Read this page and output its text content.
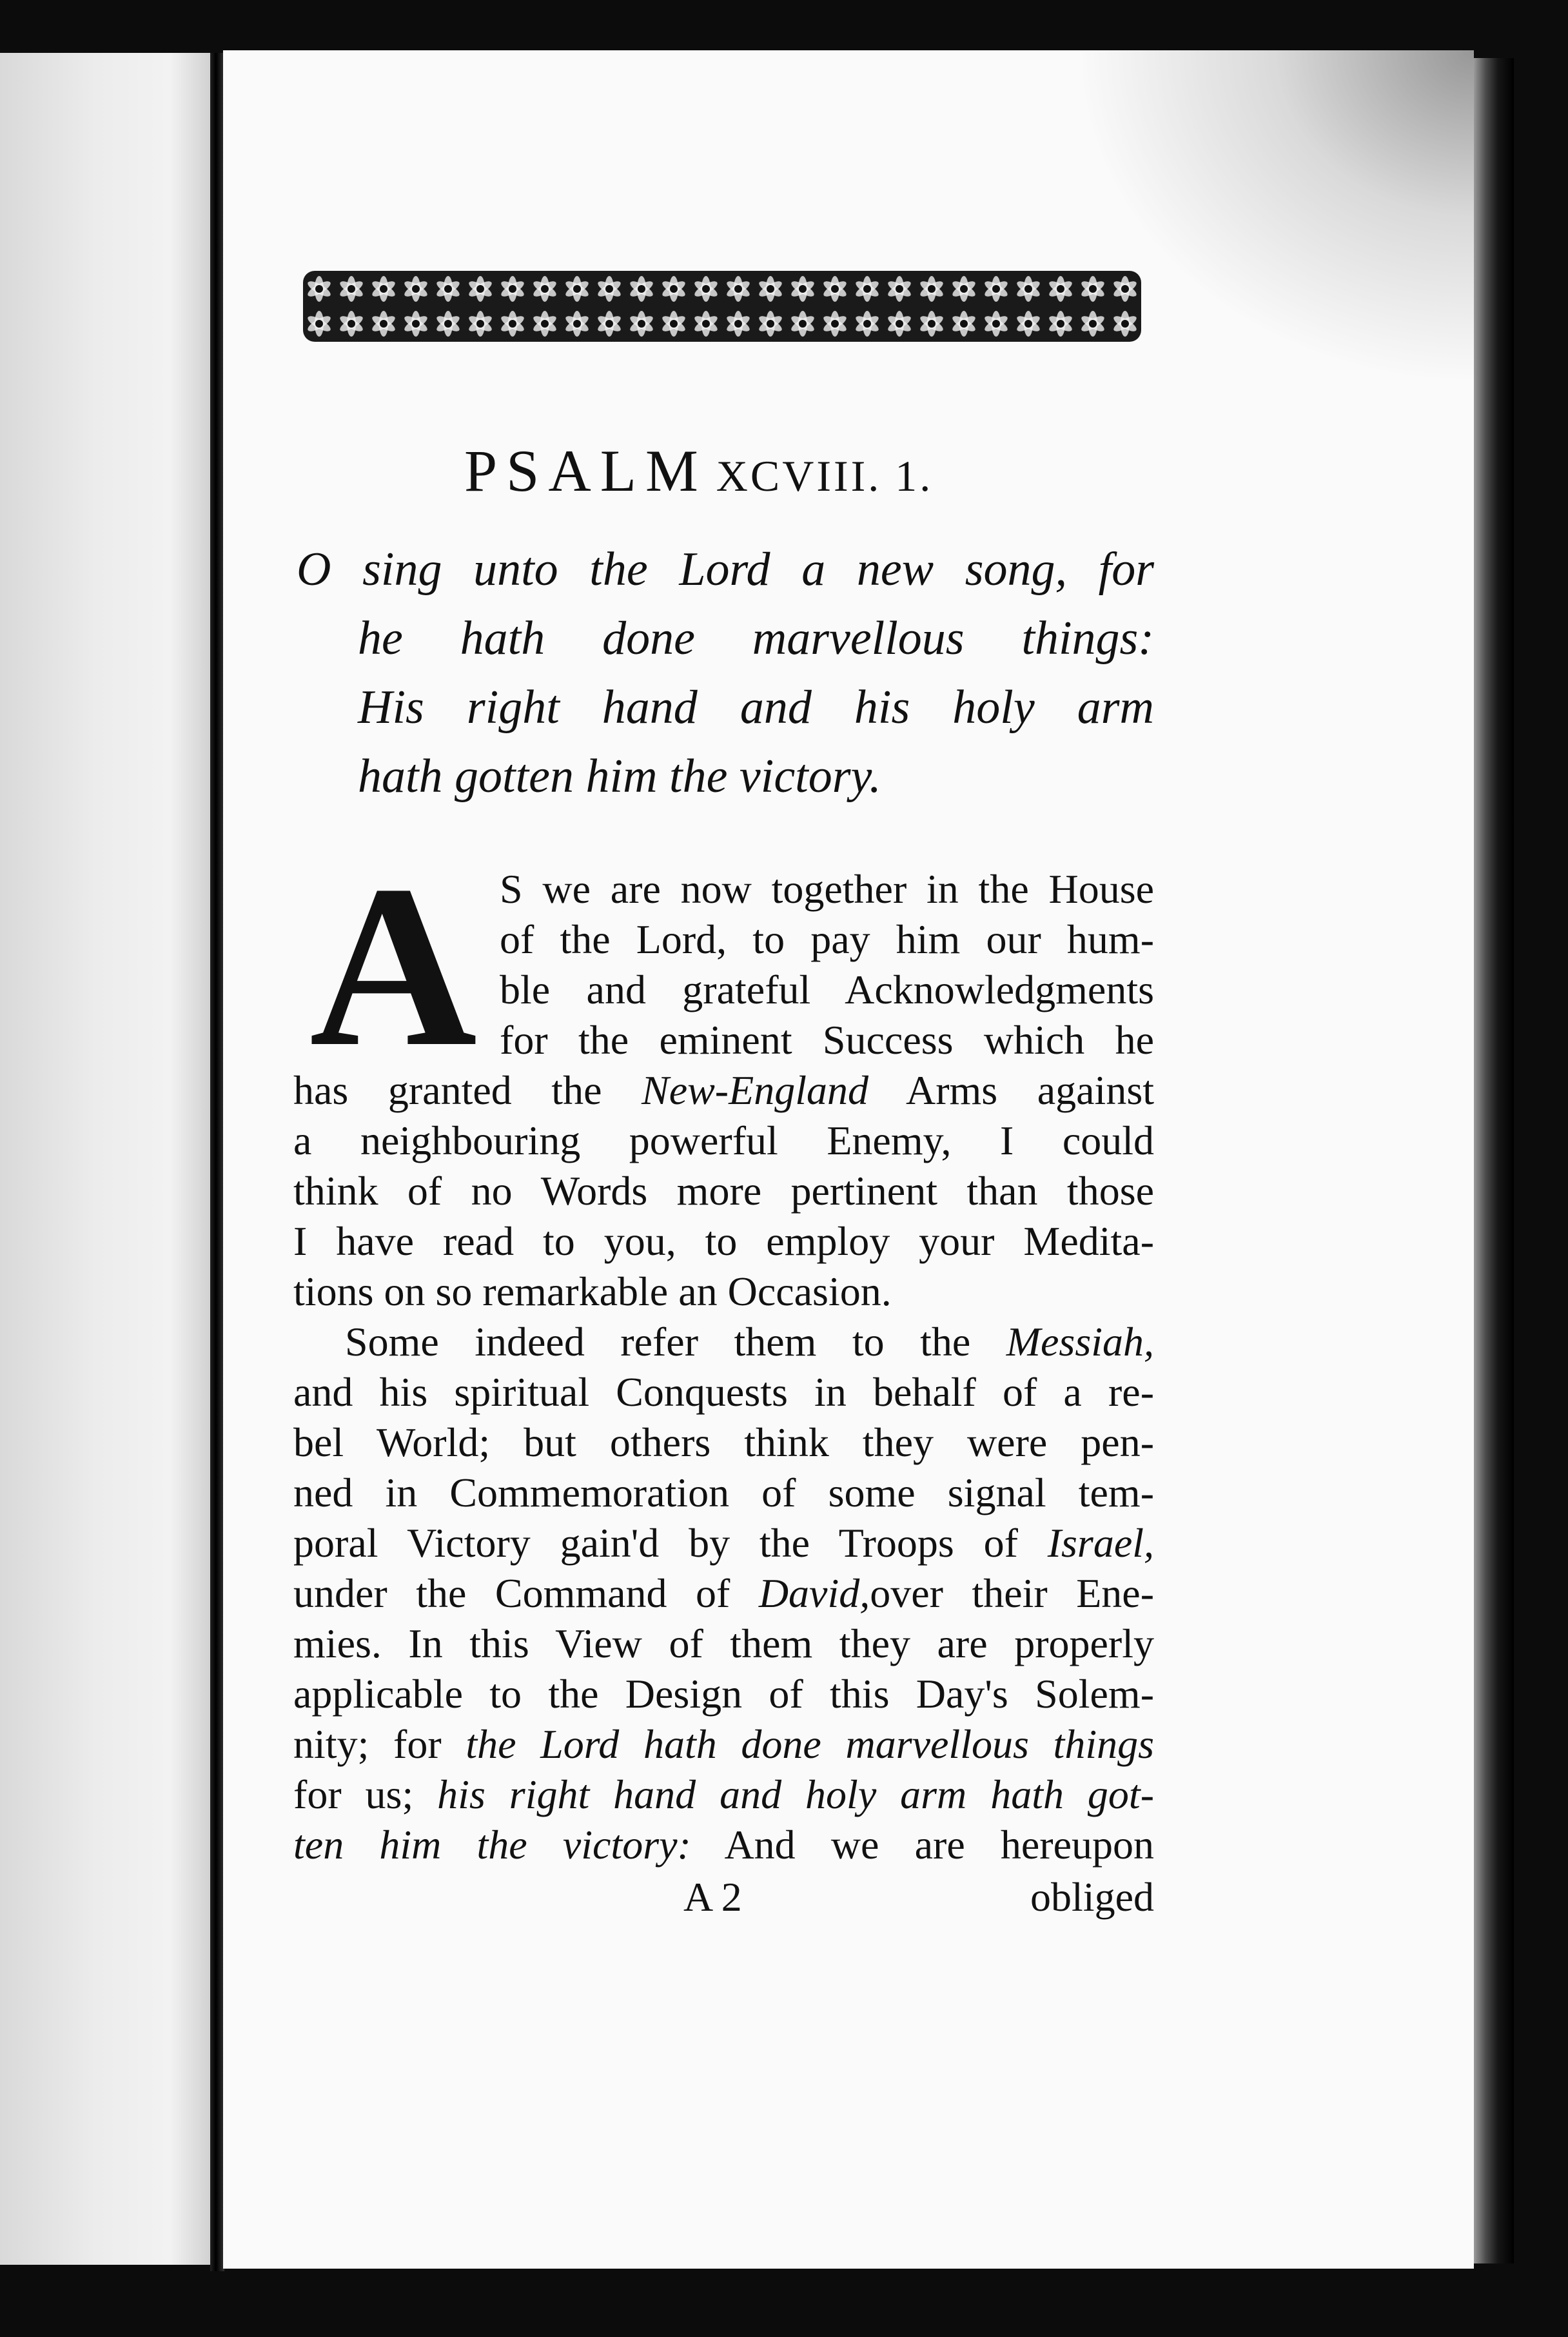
PSALM XCVIII. 1.
O sing unto the Lord a new song, for
he hath done marvellous things:
His right hand and his holy arm
hath gotten him the victory.
A S we are now together in the House
of the Lord, to pay him our hum-
ble and grateful Acknowledgments
for the eminent Success which he
has granted the New-England Arms against
a neighbouring powerful Enemy, I could
think of no Words more pertinent than those
I have read to you, to employ your Medita-
tions on so remarkable an Occasion.
Some indeed refer them to the Messiah,
and his spiritual Conquests in behalf of a re-
bel World; but others think they were pen-
ned in Commemoration of some signal tem-
poral Victory gain'd by the Troops of Israel,
under the Command of David,over their Ene-
mies. In this View of them they are properly
applicable to the Design of this Day's Solem-
nity; for the Lord hath done marvellous things
for us; his right hand and holy arm hath got-
ten him the victory: And we are hereupon
A 2	obliged
